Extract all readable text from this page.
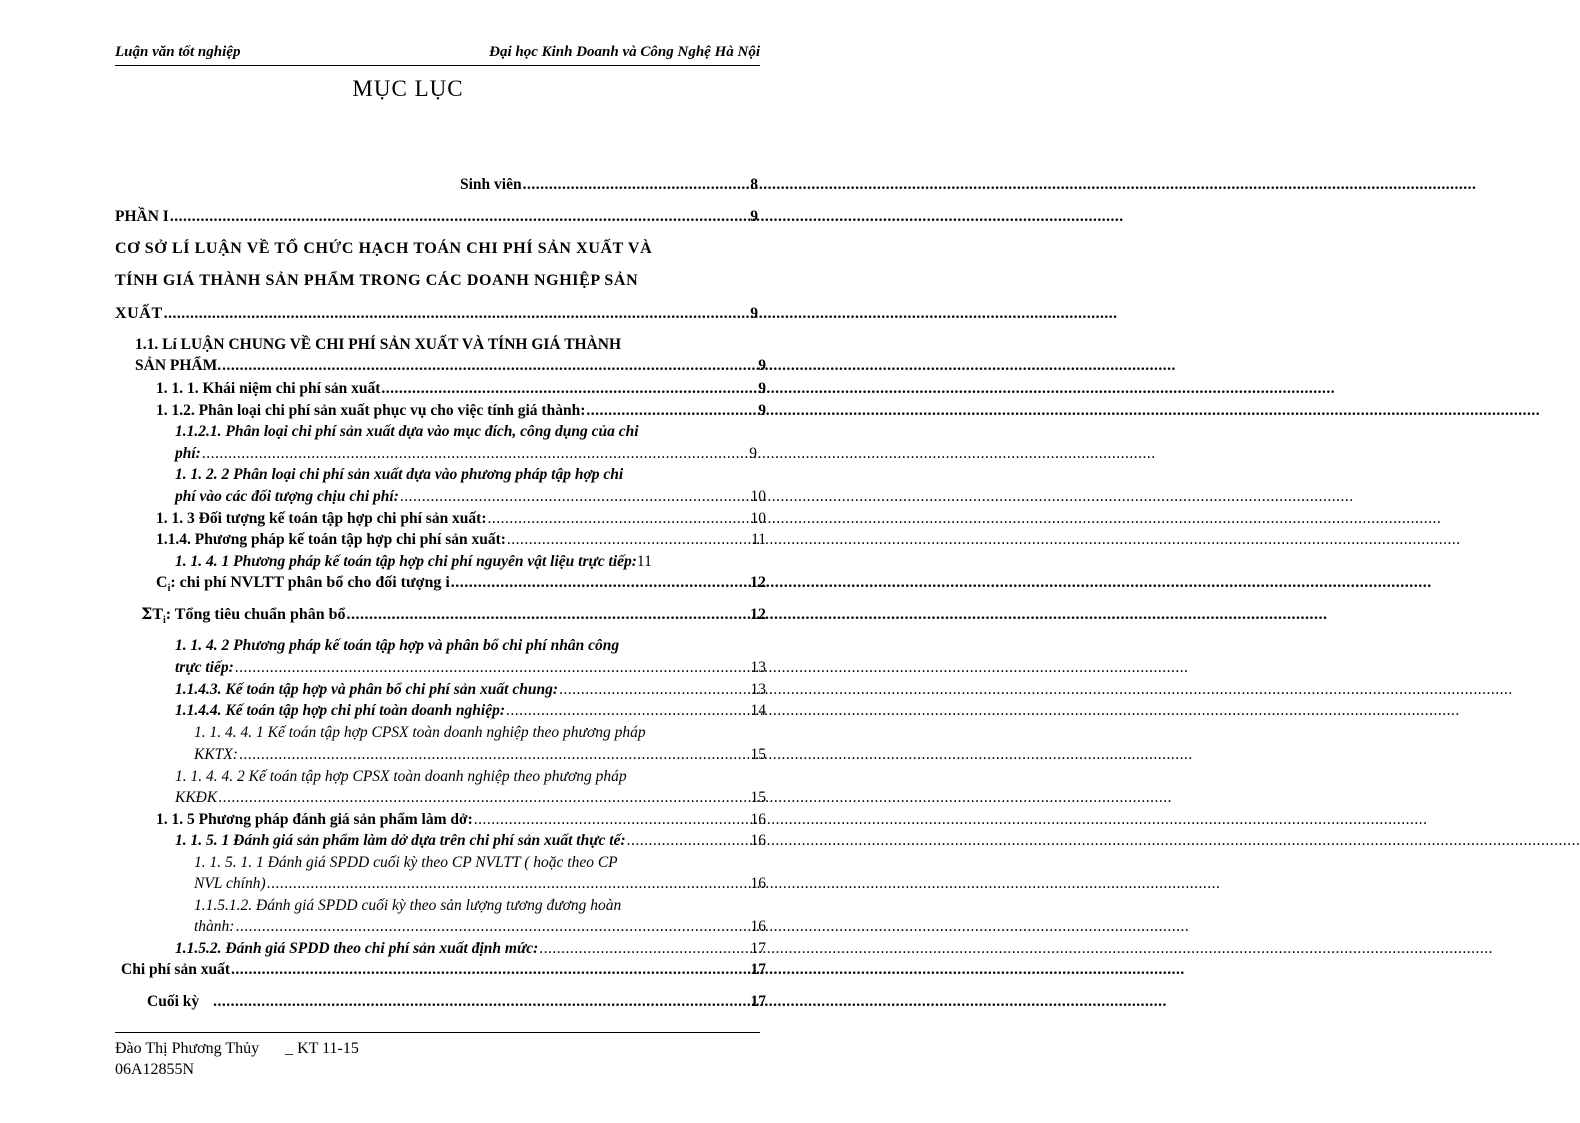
Luận văn tốt nghiệp	Đại học Kinh Doanh và Công Nghệ Hà Nội
MỤC LỤC
Sinh viên .....	8
PHẦN I .....	9
CƠ SỞ LÍ LUẬN VỀ TỔ CHỨC HẠCH TOÁN CHI PHÍ SẢN XUẤT VÀ
TÍNH GIÁ THÀNH SẢN PHẨM TRONG CÁC DOANH NGHIỆP SẢN
XUẤT .....	9
1.1. Lí LUẬN CHUNG VỀ CHI PHÍ SẢN XUẤT VÀ TÍNH GIÁ THÀNH
SẢN PHẨM. .....	9
1. 1. 1. Khái niệm chi phí sản xuất .....	9
1. 1.2. Phân loại chi phí sản xuất phục vụ cho việc tính giá thành: .....	9
1.1.2.1. Phân loại chi phí sản xuất dựa vào mục đích, công dụng của chi
phí: .....	9
1. 1. 2. 2 Phân loại chi phí sản xuất dựa vào phương pháp tập hợp chi
phí vào các đối tượng chịu chi phí: .....	10
1. 1. 3 Đối tượng kế toán tập hợp chi phí sản xuất: .....	10
1.1.4. Phương pháp kế toán tập hợp chi phí sản xuất: .....	11
1. 1. 4. 1 Phương pháp kế toán tập hợp chi phí nguyên vật liệu trực tiếp: 11
$C_i$: chi phí NVLTT phân bổ cho đối tượng i .....	12
$\Sigma T_i$: Tổng tiêu chuẩn phân bổ .....	12
1. 1. 4. 2 Phương pháp kế toán tập hợp và phân bổ chi phí nhân công
trực tiếp: .....	13
1.1.4.3. Kế toán tập hợp và phân bổ chi phí sản xuất chung: .....	13
1.1.4.4. Kế toán tập hợp chi phí toàn doanh nghiệp: .....	14
1. 1. 4. 4. 1 Kế toán tập hợp CPSX toàn doanh nghiệp theo phương pháp
KKTX: .....	15
1. 1. 4. 4. 2 Kế toán tập hợp CPSX toàn doanh nghiệp theo phương pháp
KKĐK .....	15
1. 1. 5 Phương pháp đánh giá sản phẩm làm dở: .....	16
1. 1. 5. 1 Đánh giá sản phẩm làm dở dựa trên chi phí sản xuất thực tế: .....	16
1. 1. 5. 1. 1 Đánh giá SPDD cuối kỳ theo CP NVLTT ( hoặc theo CP
NVL chính) .....	16
1.1.5.1.2. Đánh giá SPDD cuối kỳ theo sản lượng tương đương hoàn
thành: .....	16
1.1.5.2. Đánh giá SPDD theo chi phí sản xuất định mức: .....	17
Chi phí sản xuất .....	17
Cuối kỳ .....	17
Đào Thị Phương Thủy _ KT 11-15
06A12855N
